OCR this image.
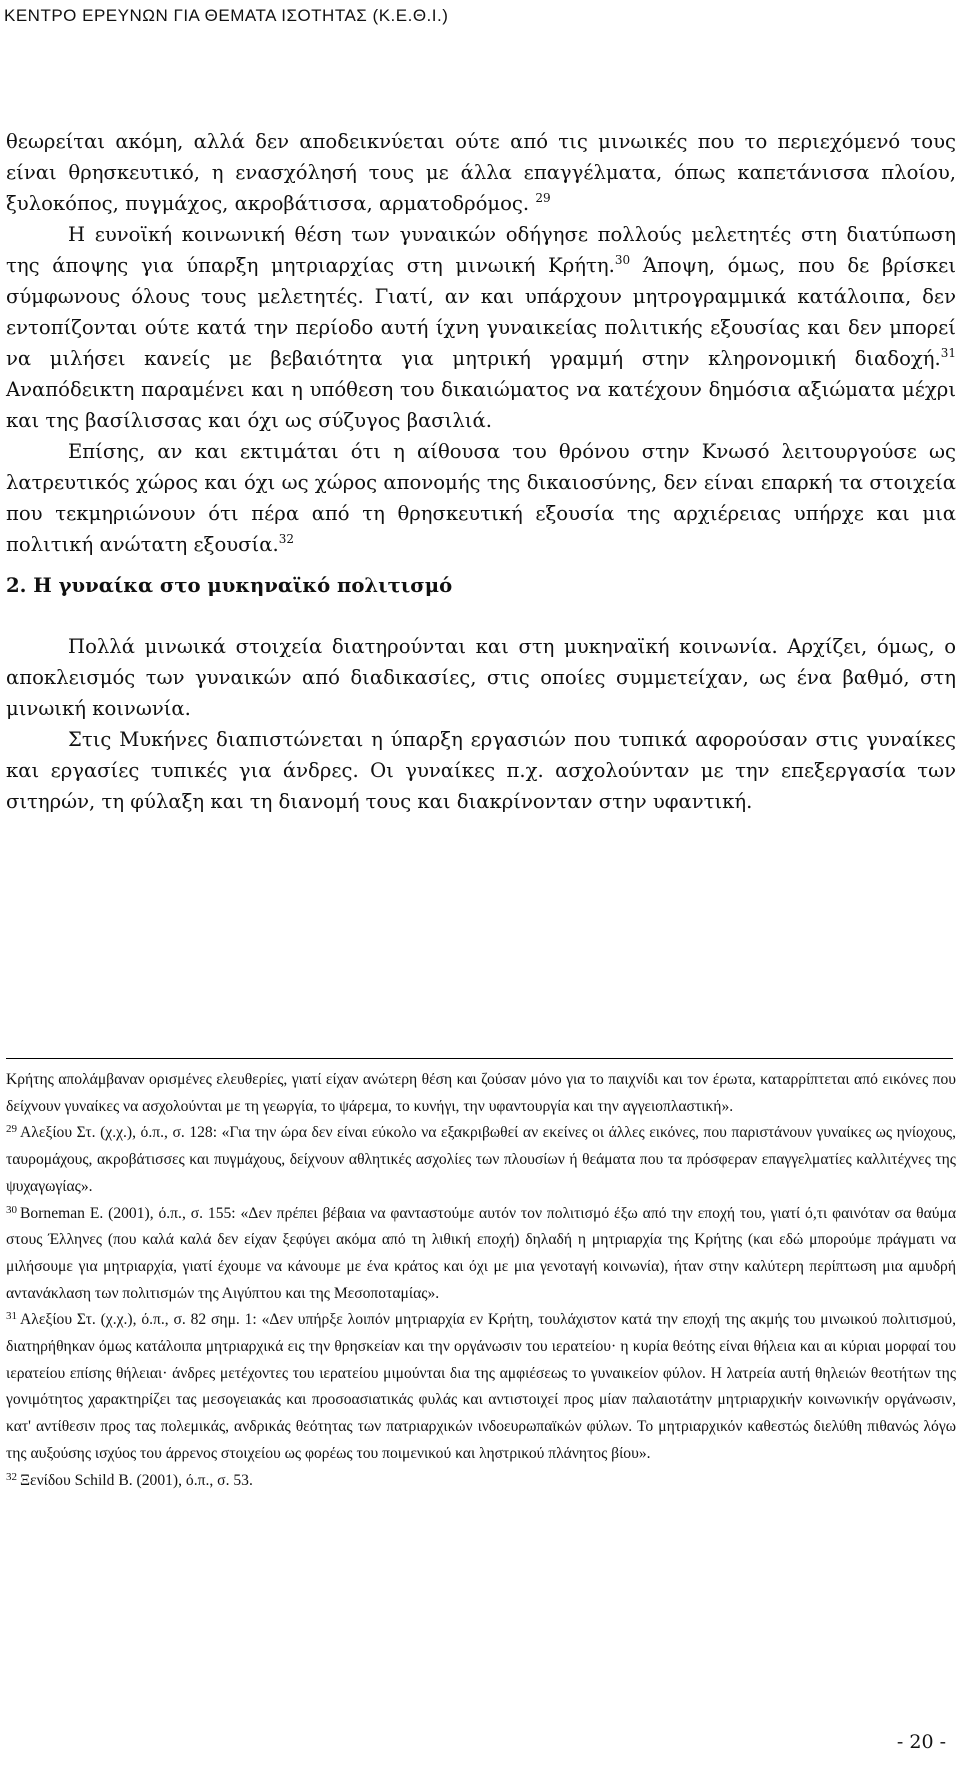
ΚΕΝΤΡΟ ΕΡΕΥΝΩΝ ΓΙΑ ΘΕΜΑΤΑ ΙΣΟΤΗΤΑΣ (Κ.Ε.Θ.Ι.)

θεωρείται ακόμη, αλλά δεν αποδεικνύεται ούτε από τις μινωικές που το περιεχόμενό τους είναι θρησκευτικό, η ενασχόλησή τους με άλλα επαγγέλματα, όπως καπετάνισσα πλοίου, ξυλοκόπος, πυγμάχος, ακροβάτισσα, αρματοδρόμος. $^{29}$

Η ευνοϊκή κοινωνική θέση των γυναικών οδήγησε πολλούς μελετητές στη διατύπωση της άποψης για ύπαρξη μητριαρχίας στη μινωική Κρήτη.$^{30}$ Άποψη, όμως, που δε βρίσκει σύμφωνους όλους τους μελετητές. Γιατί, αν και υπάρχουν μητρογραμμικά κατάλοιπα, δεν εντοπίζονται ούτε κατά την περίοδο αυτή ίχνη γυναικείας πολιτικής εξουσίας και δεν μπορεί να μιλήσει κανείς με βεβαιότητα για μητρική γραμμή στην κληρονομική διαδοχή.$^{31}$ Αναπόδεικτη παραμένει και η υπόθεση του δικαιώματος να κατέχουν δημόσια αξιώματα μέχρι και της βασίλισσας και όχι ως σύζυγος βασιλιά.

Επίσης, αν και εκτιμάται ότι η αίθουσα του θρόνου στην Κνωσό λειτουργούσε ως λατρευτικός χώρος και όχι ως χώρος απονομής της δικαιοσύνης, δεν είναι επαρκή τα στοιχεία που τεκμηριώνουν ότι πέρα από τη θρησκευτική εξουσία της αρχιέρειας υπήρχε και μια πολιτική ανώτατη εξουσία.$^{32}$

2. Η γυναίκα στο μυκηναϊκό πολιτισμό

Πολλά μινωικά στοιχεία διατηρούνται και στη μυκηναϊκή κοινωνία. Αρχίζει, όμως, ο αποκλεισμός των γυναικών από διαδικασίες, στις οποίες συμμετείχαν, ως ένα βαθμό, στη μινωική κοινωνία.

Στις Μυκήνες διαπιστώνεται η ύπαρξη εργασιών που τυπικά αφορούσαν στις γυναίκες και εργασίες τυπικές για άνδρες. Οι γυναίκες π.χ. ασχολούνταν με την επεξεργασία των σιτηρών, τη φύλαξη και τη διανομή τους και διακρίνονταν στην υφαντική.

Κρήτης απολάμβαναν ορισμένες ελευθερίες, γιατί είχαν ανώτερη θέση και ζούσαν μόνο για το παιχνίδι και τον έρωτα, καταρρίπτεται από εικόνες που δείχνουν γυναίκες να ασχολούνται με τη γεωργία, το ψάρεμα, το κυνήγι, την υφαντουργία και την αγγειοπλαστική».

$^{29}$ Αλεξίου Στ. (χ.χ.), ό.π., σ. 128: «Για την ώρα δεν είναι εύκολο να εξακριβωθεί αν εκείνες οι άλλες εικόνες, που παριστάνουν γυναίκες ως ηνίοχους, ταυρομάχους, ακροβάτισσες και πυγμάχους, δείχνουν αθλητικές ασχολίες των πλουσίων ή θεάματα που τα πρόσφεραν επαγγελματίες καλλιτέχνες της ψυχαγωγίας».

$^{30}$ Borneman E. (2001), ό.π., σ. 155: «Δεν πρέπει βέβαια να φανταστούμε αυτόν τον πολιτισμό έξω από την εποχή του, γιατί ό,τι φαινόταν σα θαύμα στους Έλληνες (που καλά καλά δεν είχαν ξεφύγει ακόμα από τη λιθική εποχή) δηλαδή η μητριαρχία της Κρήτης (και εδώ μπορούμε πράγματι να μιλήσουμε για μητριαρχία, γιατί έχουμε να κάνουμε με ένα κράτος και όχι με μια γενοταγή κοινωνία), ήταν στην καλύτερη περίπτωση μια αμυδρή αντανάκλαση των πολιτισμών της Αιγύπτου και της Μεσοποταμίας».

$^{31}$ Αλεξίου Στ. (χ.χ.), ό.π., σ. 82 σημ. 1: «Δεν υπήρξε λοιπόν μητριαρχία εν Κρήτη, τουλάχιστον κατά την εποχή της ακμής του μινωικού πολιτισμού, διατηρήθηκαν όμως κατάλοιπα μητριαρχικά εις την θρησκείαν και την οργάνωσιν του ιερατείου· η κυρία θεότης είναι θήλεια και αι κύριαι μορφαί του ιερατείου επίσης θήλειαι· άνδρες μετέχοντες του ιερατείου μιμούνται δια της αμφιέσεως το γυναικείον φύλον. Η λατρεία αυτή θηλειών θεοτήτων της γονιμότητος χαρακτηρίζει τας μεσογειακάς και προσοασιατικάς φυλάς και αντιστοιχεί προς μίαν παλαιοτάτην μητριαρχικήν κοινωνικήν οργάνωσιν, κατ' αντίθεσιν προς τας πολεμικάς, ανδρικάς θεότητας των πατριαρχικών ινδοευρωπαϊκών φύλων. Το μητριαρχικόν καθεστώς διελύθη πιθανώς λόγω της αυξούσης ισχύος του άρρενος στοιχείου ως φορέως του ποιμενικού και ληστρικού πλάνητος βίου».

$^{32}$ Ξενίδου Schild B. (2001), ό.π., σ. 53.

- 20 -
